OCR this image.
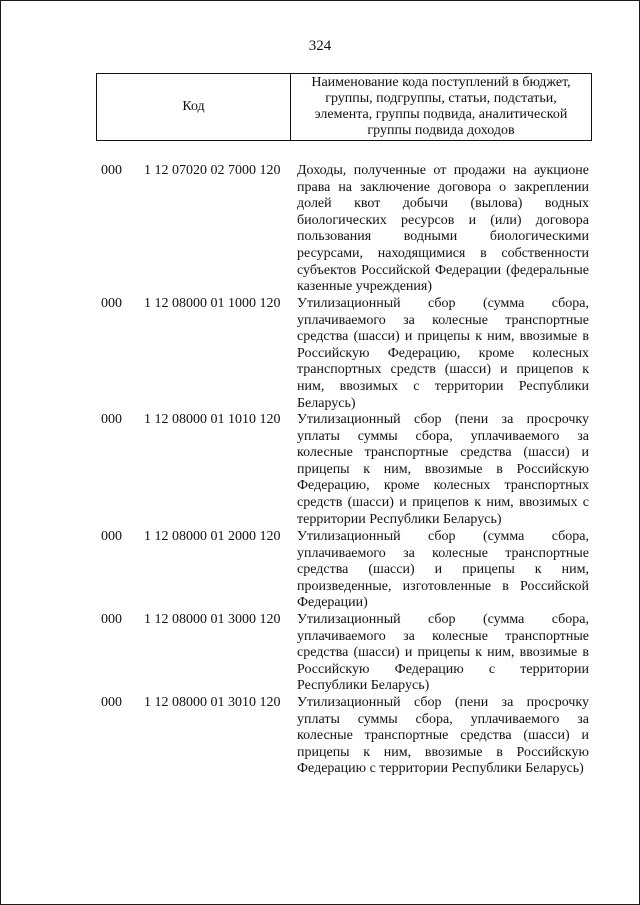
324
Код
Наименование кода поступлений в бюджет, группы, подгруппы, статьи, подстатьи, элемента, группы подвида, аналитической группы подвида доходов
000 1 12 07020 02 7000 120 Доходы, полученные от продажи на аукционе права на заключение договора о закреплении долей квот добычи (вылова) водных биологических ресурсов и (или) договора пользования водными биологическими ресурсами, находящимися в собственности субъектов Российской Федерации (федеральные казенные учреждения)
000 1 12 08000 01 1000 120 Утилизационный сбор (сумма сбора, уплачиваемого за колесные транспортные средства (шасси) и прицепы к ним, ввозимые в Российскую Федерацию, кроме колесных транспортных средств (шасси) и прицепов к ним, ввозимых с территории Республики Беларусь)
000 1 12 08000 01 1010 120 Утилизационный сбор (пени за просрочку уплаты суммы сбора, уплачиваемого за колесные транспортные средства (шасси) и прицепы к ним, ввозимые в Российскую Федерацию, кроме колесных транспортных средств (шасси) и прицепов к ним, ввозимых с территории Республики Беларусь)
000 1 12 08000 01 2000 120 Утилизационный сбор (сумма сбора, уплачиваемого за колесные транспортные средства (шасси) и прицепы к ним, произведенные, изготовленные в Российской Федерации)
000 1 12 08000 01 3000 120 Утилизационный сбор (сумма сбора, уплачиваемого за колесные транспортные средства (шасси) и прицепы к ним, ввозимые в Российскую Федерацию с территории Республики Беларусь)
000 1 12 08000 01 3010 120 Утилизационный сбор (пени за просрочку уплаты суммы сбора, уплачиваемого за колесные транспортные средства (шасси) и прицепы к ним, ввозимые в Российскую Федерацию с территории Республики Беларусь)
